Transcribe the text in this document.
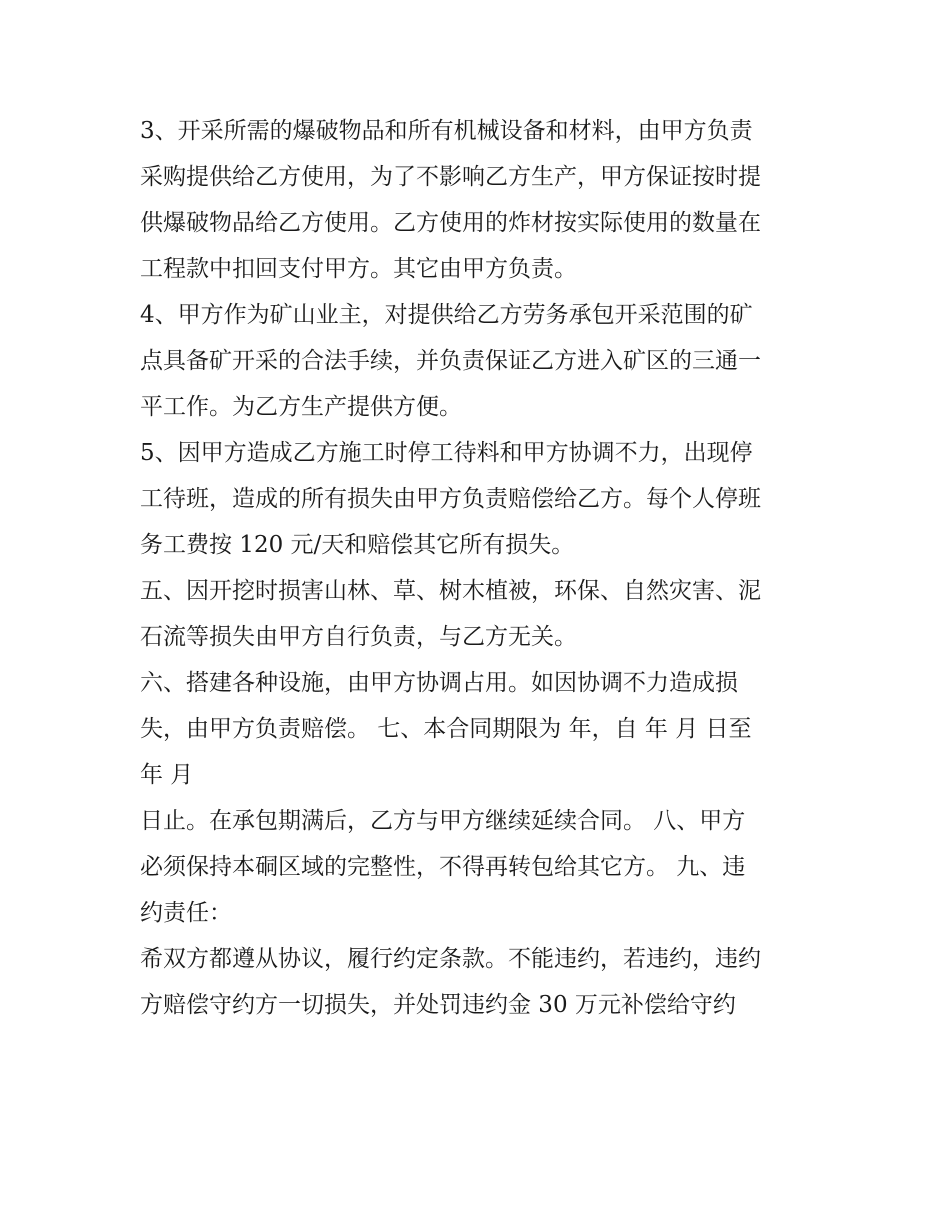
3、开采所需的爆破物品和所有机械设备和材料，由甲方负责
采购提供给乙方使用，为了不影响乙方生产，甲方保证按时提
供爆破物品给乙方使用。乙方使用的炸材按实际使用的数量在
工程款中扣回支付甲方。其它由甲方负责。
4、甲方作为矿山业主，对提供给乙方劳务承包开采范围的矿
点具备矿开采的合法手续，并负责保证乙方进入矿区的三通一
平工作。为乙方生产提供方便。
5、因甲方造成乙方施工时停工待料和甲方协调不力，出现停
工待班，造成的所有损失由甲方负责赔偿给乙方。每个人停班
务工费按 120 元/天和赔偿其它所有损失。
五、因开挖时损害山林、草、树木植被，环保、自然灾害、泥
石流等损失由甲方自行负责，与乙方无关。
六、搭建各种设施，由甲方协调占用。如因协调不力造成损
失，由甲方负责赔偿。 七、本合同期限为 年，自 年 月 日至
年 月
日止。在承包期满后，乙方与甲方继续延续合同。 八、甲方
必须保持本硐区域的完整性，不得再转包给其它方。 九、违
约责任：
希双方都遵从协议，履行约定条款。不能违约，若违约，违约
方赔偿守约方一切损失，并处罚违约金 30 万元补偿给守约
